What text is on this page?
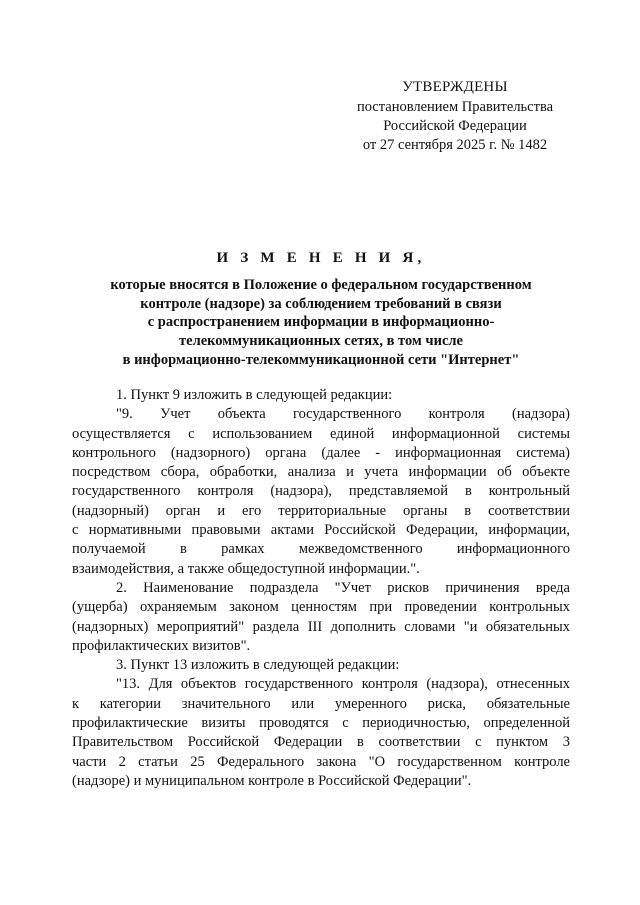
УТВЕРЖДЕНЫ
постановлением Правительства
Российской Федерации
от 27 сентября 2025 г. № 1482
И З М Е Н Е Н И Я,
которые вносятся в Положение о федеральном государственном
контроле (надзоре) за соблюдением требований в связи
с распространением информации в информационно-
телекоммуникационных сетях, в том числе
в информационно-телекоммуникационной сети "Интернет"

1. Пункт 9 изложить в следующей редакции:

"9. Учет объекта государственного контроля (надзора)
осуществляется с использованием единой информационной системы
контрольного (надзорного) органа (далее - информационная система)
посредством сбора, обработки, анализа и учета информации об объекте
государственного контроля (надзора), представляемой в контрольный
(надзорный) орган и его территориальные органы в соответствии
с нормативными правовыми актами Российской Федерации, информации,
получаемой в рамках межведомственного информационного
взаимодействия, а также общедоступной информации.".
2. Наименование подраздела "Учет рисков причинения вреда
(ущерба) охраняемым законом ценностям при проведении контрольных
(надзорных) мероприятий" раздела III дополнить словами "и обязательных
профилактических визитов".

3. Пункт 13 изложить в следующей редакции:

"13. Для объектов государственного контроля (надзора), отнесенных
к категории значительного или умеренного риска, обязательные
профилактические визиты проводятся с периодичностью, определенной
Правительством Российской Федерации в соответствии с пунктом 3
части 2 статьи 25 Федерального закона "О государственном контроле
(надзоре) и муниципальном контроле в Российской Федерации".
